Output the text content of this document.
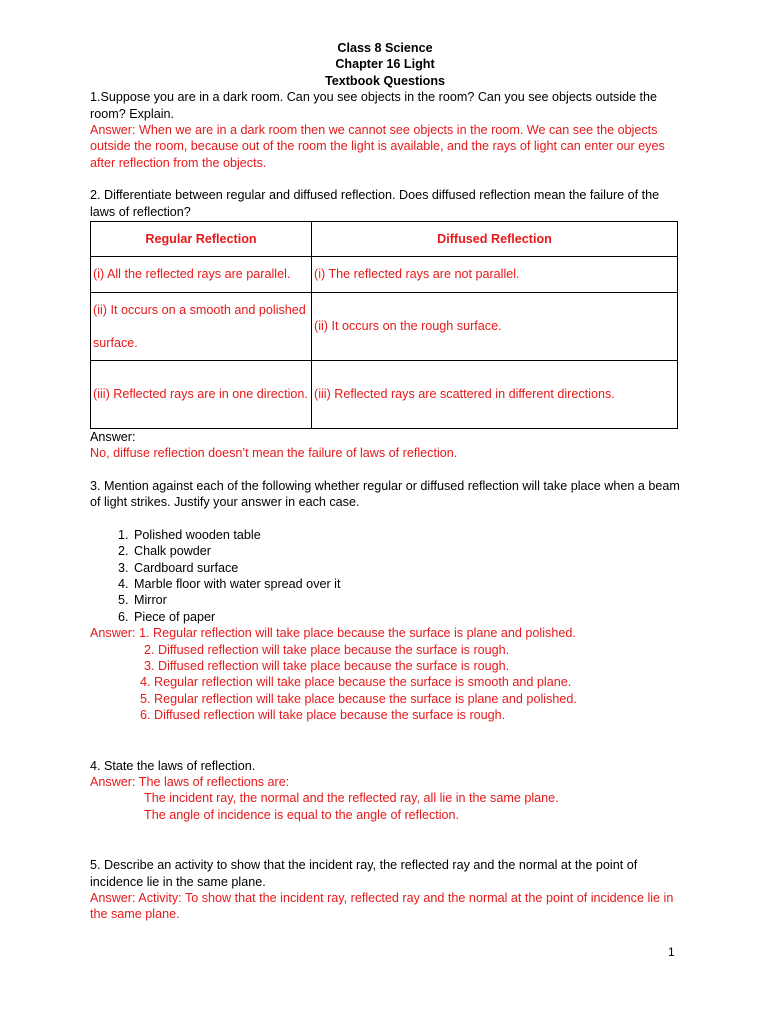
Class 8 Science

Chapter 16 Light

Textbook Questions

1.Suppose you are in a dark room. Can you see objects in the room? Can you see objects outside the room? Explain.

Answer: When we are in a dark room then we cannot see objects in the room. We can see the objects outside the room, because out of the room the light is available, and the rays of light can enter our eyes after reflection from the objects.

2. Differentiate between regular and diffused reflection. Does diffused reflection mean the failure of the laws of reflection?

Regular Reflection	Diffused Reflection
(i) All the reflected rays are parallel.	(i) The reflected rays are not parallel.
(ii) It occurs on a smooth and polished surface.	(ii) It occurs on the rough surface.
(iii) Reflected rays are in one direction.	(iii) Reflected rays are scattered in different directions.

Answer:

No, diffuse reflection doesn’t mean the failure of laws of reflection.

3. Mention against each of the following whether regular or diffused reflection will take place when a beam of light strikes. Justify your answer in each case.

1. Polished wooden table
2. Chalk powder
3. Cardboard surface
4. Marble floor with water spread over it
5. Mirror
6. Piece of paper

Answer: 1. Regular reflection will take place because the surface is plane and polished.

2. Diffused reflection will take place because the surface is rough.

3. Diffused reflection will take place because the surface is rough.

4. Regular reflection will take place because the surface is smooth and plane.

5. Regular reflection will take place because the surface is plane and polished.

6. Diffused reflection will take place because the surface is rough.

4. State the laws of reflection.

Answer: The laws of reflections are:

The incident ray, the normal and the reflected ray, all lie in the same plane.

The angle of incidence is equal to the angle of reflection.

5. Describe an activity to show that the incident ray, the reflected ray and the normal at the point of incidence lie in the same plane.

Answer: Activity: To show that the incident ray, reflected ray and the normal at the point of incidence lie in the same plane.

1
